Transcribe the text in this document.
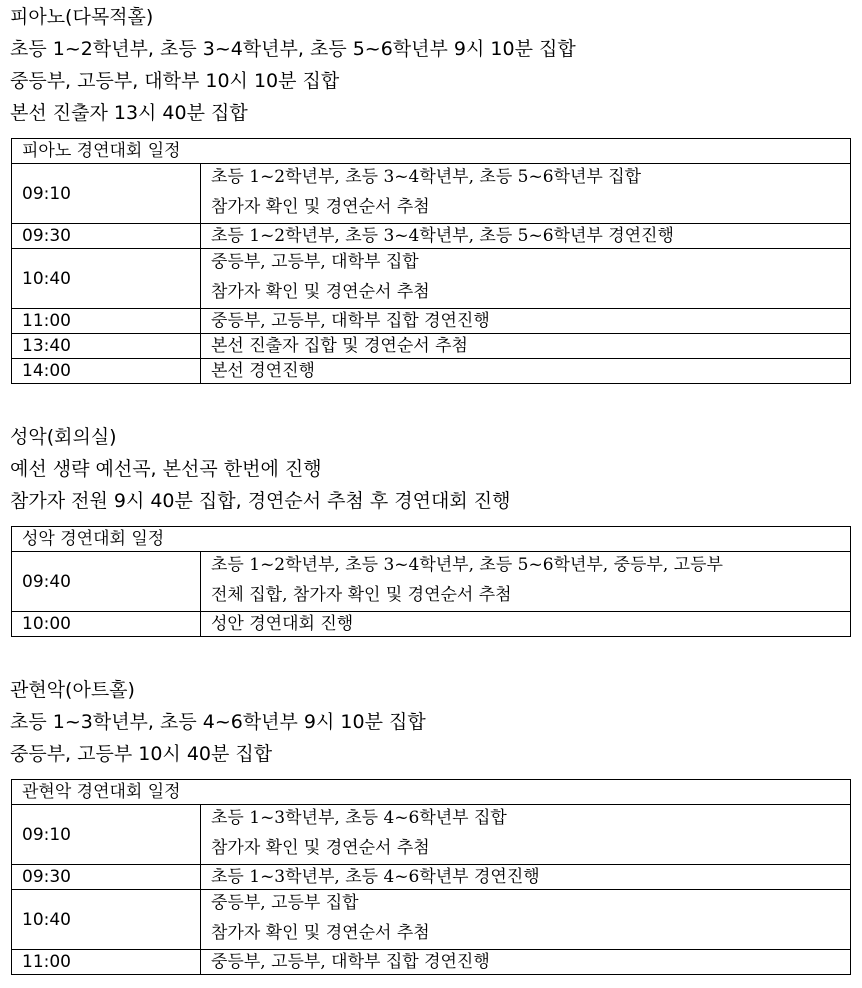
피아노(다목적홀)

초등 1~2학년부, 초등 3~4학년부, 초등 5~6학년부 9시 10분 집합

중등부, 고등부, 대학부 10시 10분 집합

본선 진출자 13시 40분 집합

피아노 경연대회 일정	
09:10	초등 1~2학년부, 초등 3~4학년부, 초등 5~6학년부 집합
참가자 확인 및 경연순서 추첨

09:30	초등 1~2학년부, 초등 3~4학년부, 초등 5~6학년부 경연진행
10:40	중등부, 고등부, 대학부 집합
참가자 확인 및 경연순서 추첨

11:00	중등부, 고등부, 대학부 집합 경연진행
13:40	본선 진출자 집합 및 경연순서 추첨
14:00	본선 경연진행

성악(회의실)

예선 생략 예선곡, 본선곡 한번에 진행

참가자 전원 9시 40분 집합, 경연순서 추첨 후 경연대회 진행

성악 경연대회 일정	
09:40	초등 1~2학년부, 초등 3~4학년부, 초등 5~6학년부, 중등부, 고등부
전체 집합, 참가자 확인 및 경연순서 추첨

10:00	성안 경연대회 진행

관현악(아트홀)

초등 1~3학년부, 초등 4~6학년부 9시 10분 집합

중등부, 고등부 10시 40분 집합

관현악 경연대회 일정	
09:10	초등 1~3학년부, 초등 4~6학년부 집합
참가자 확인 및 경연순서 추첨

09:30	초등 1~3학년부, 초등 4~6학년부 경연진행
10:40	중등부, 고등부 집합
참가자 확인 및 경연순서 추첨

11:00	중등부, 고등부, 대학부 집합 경연진행
